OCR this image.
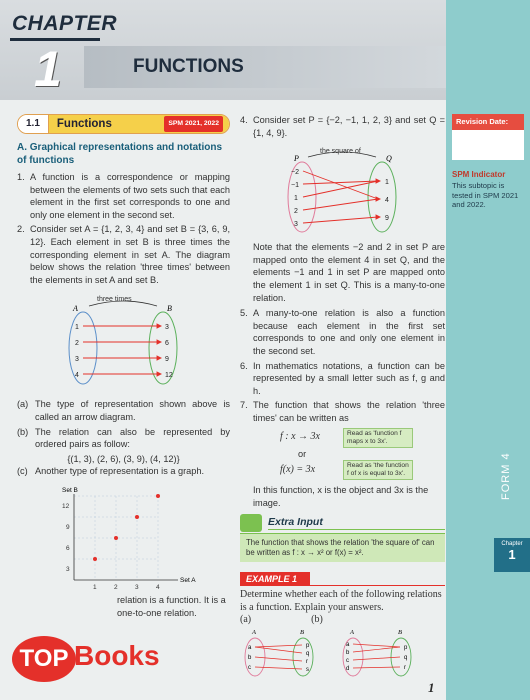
CHAPTER
1	FUNCTIONS
1.1	Functions	SPM 2021, 2022
A. Graphical representations and notations of functions
1. A function is a correspondence or mapping between the elements of two sets such that each element in the first set corresponds to one and only one element in the second set.
2. Consider set A = {1, 2, 3, 4} and set B = {3, 6, 9, 12}. Each element in set B is three times the corresponding element in set A. The diagram below shows the relation 'three times' between the elements in set A and set B.
three times
A	B
1
2
3
4
3
6
9
12
(a) The type of representation shown above is called an arrow diagram.
(b) The relation can also be represented by ordered pairs as follow:
{(1, 3), (2, 6), (3, 9), (4, 12)}
(c) Another type of representation is a graph.
Set B
Set A
12
9
6
3
1	2	3	4
relation is a function. It is a one-to-one relation.
4. Consider set P = {−2, −1, 1, 2, 3} and set Q = {1, 4, 9}.
the square of
P	Q
−2
−1
1
2
3
1
4
9
Note that the elements −2 and 2 in set P are mapped onto the element 4 in set Q, and the elements −1 and 1 in set P are mapped onto the element 1 in set Q. This is a many-to-one relation.
5. A many-to-one relation is also a function because each element in the first set corresponds to one and only one element in the second set.
6. In mathematics notations, a function can be represented by a small letter such as f, g and h.
7. The function that shows the relation 'three times' can be written as
f : x → 3x	Read as 'function f maps x to 3x'.
or
f(x) = 3x	Read as 'the function f of x is equal to 3x'.
In this function, x is the object and 3x is the image.
Extra Input
The function that shows the relation 'the square of' can be written as f : x → x² or f(x) = x².
EXAMPLE 1
Determine whether each of the following relations is a function. Explain your answers.
(a)	(b)
A	B
a
b
c
p
q
r
s
A	B
a
b
c
d
p
q
r
Revision Date:
SPM Indicator
This subtopic is tested in SPM 2021 and 2022.
FORM 4
Chapter
1
TOP Books
1
